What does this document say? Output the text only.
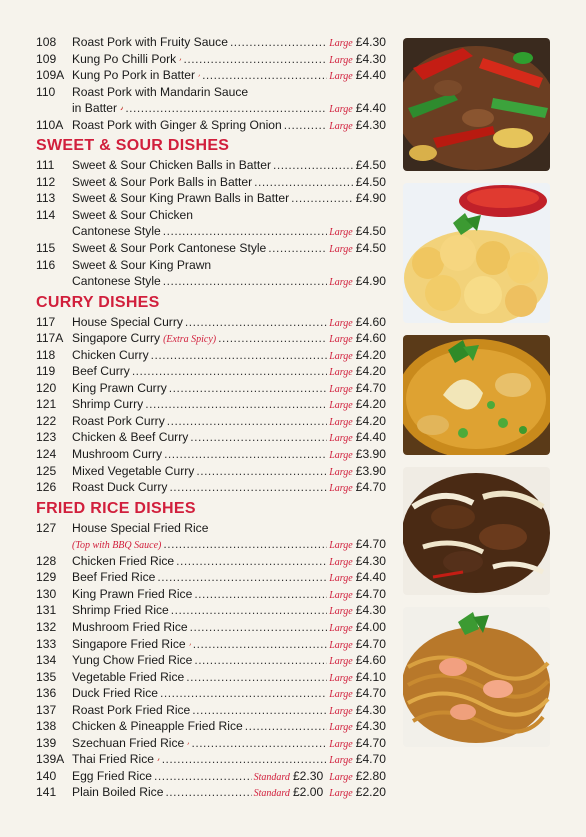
108	Roast Pork with Fruity Sauce .....	Large £4.30
109	Kung Po Chilli Pork .....	Large £4.30
109A Kung Po Pork in Batter .....	Large £4.40
110	Roast Pork with Mandarin Sauce
in Batter .....	Large £4.40
110A Roast Pork with Ginger & Spring Onion .....	Large £4.30
SWEET & SOUR DISHES
111	Sweet & Sour Chicken Balls in Batter .....	£4.50
112	Sweet & Sour Pork Balls in Batter .....	£4.50
113	Sweet & Sour King Prawn Balls in Batter .....	£4.90
114	Sweet & Sour Chicken
Cantonese Style .....	Large £4.50
115	Sweet & Sour Pork Cantonese Style .....	Large £4.50
116	Sweet & Sour King Prawn
Cantonese Style .....	Large £4.90
CURRY DISHES
117	House Special Curry .....	Large £4.60
117A Singapore Curry (Extra Spicy) .....	Large £4.60
118	Chicken Curry .....	Large £4.20
119	Beef Curry .....	Large £4.20
120	King Prawn Curry .....	Large £4.70
121	Shrimp Curry .....	Large £4.20
122	Roast Pork Curry .....	Large £4.20
123	Chicken & Beef Curry .....	Large £4.40
124	Mushroom Curry .....	Large £3.90
125	Mixed Vegetable Curry .....	Large £3.90
126	Roast Duck Curry .....	Large £4.70
FRIED RICE DISHES
127	House Special Fried Rice
(Top with BBQ Sauce) .....	Large £4.70
128	Chicken Fried Rice .....	Large £4.30
129	Beef Fried Rice .....	Large £4.40
130	King Prawn Fried Rice .....	Large £4.70
131	Shrimp Fried Rice .....	Large £4.30
132	Mushroom Fried Rice .....	Large £4.00
133	Singapore Fried Rice .....	Large £4.70
134	Yung Chow Fried Rice .....	Large £4.60
135	Vegetable Fried Rice .....	Large £4.10
136	Duck Fried Rice .....	Large £4.70
137	Roast Pork Fried Rice .....	Large £4.30
138	Chicken & Pineapple Fried Rice .....	Large £4.30
139	Szechuan Fried Rice .....	Large £4.70
139A Thai Fried Rice .....	Large £4.70
140	Egg Fried Rice .....	Standard £2.30 Large £2.80
141	Plain Boiled Rice .....	Standard £2.00 Large £2.20
